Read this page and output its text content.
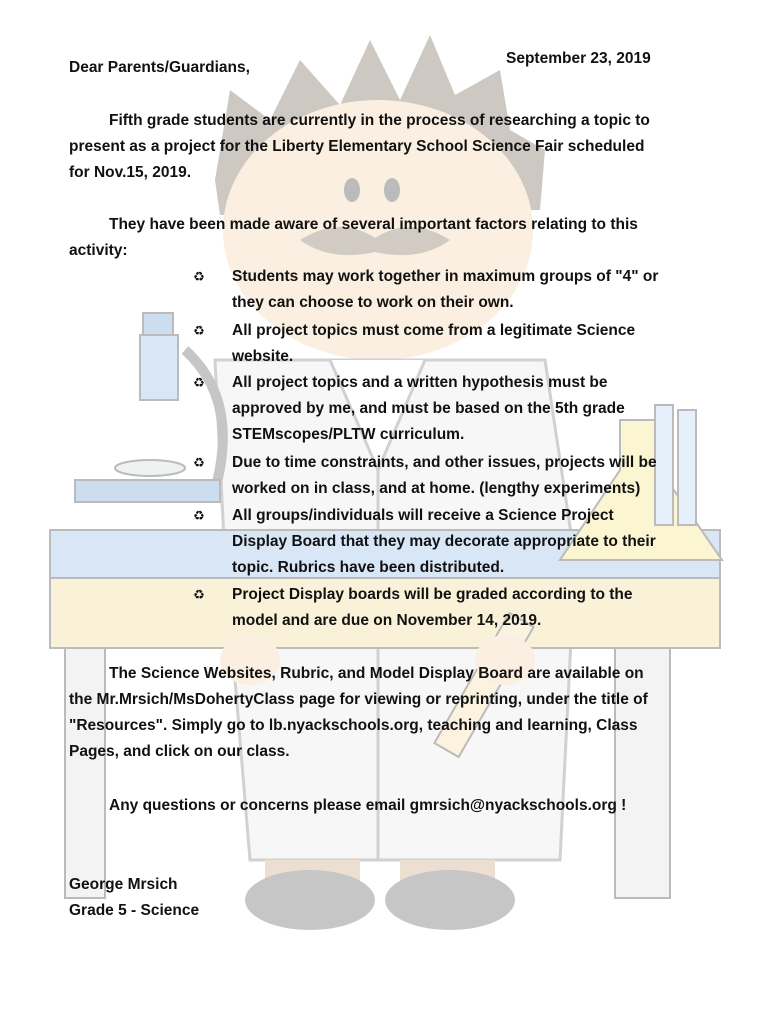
Dear Parents/Guardians,
September 23, 2019
Fifth grade students are currently in the process of researching a topic to
present as a project for the Liberty Elementary School Science Fair scheduled
for Nov.15, 2019.
They have been made aware of several important factors relating to this
activity:
♻ Students may work together in maximum groups of "4" or
they can choose to work on their own.
♻ All project topics must come from a legitimate Science
website.
♻ All project topics and a written hypothesis must be
approved by me, and must be based on the 5th grade
STEMscopes/PLTW curriculum.
♻ Due to time constraints, and other issues, projects will be
worked on in class, and at home. (lengthy experiments)
♻ All groups/individuals will receive a Science Project
Display Board that they may decorate appropriate to their
topic. Rubrics have been distributed.
♻ Project Display boards will be graded according to the
model and are due on November 14, 2019.
The Science Websites, Rubric, and Model Display Board are available on
the Mr.Mrsich/MsDohertyClass page for viewing or reprinting, under the title of
"Resources". Simply go to lb.nyackschools.org, teaching and learning, Class
Pages, and click on our class.
Any questions or concerns please email gmrsich@nyackschools.org !
George Mrsich
Grade 5 - Science
